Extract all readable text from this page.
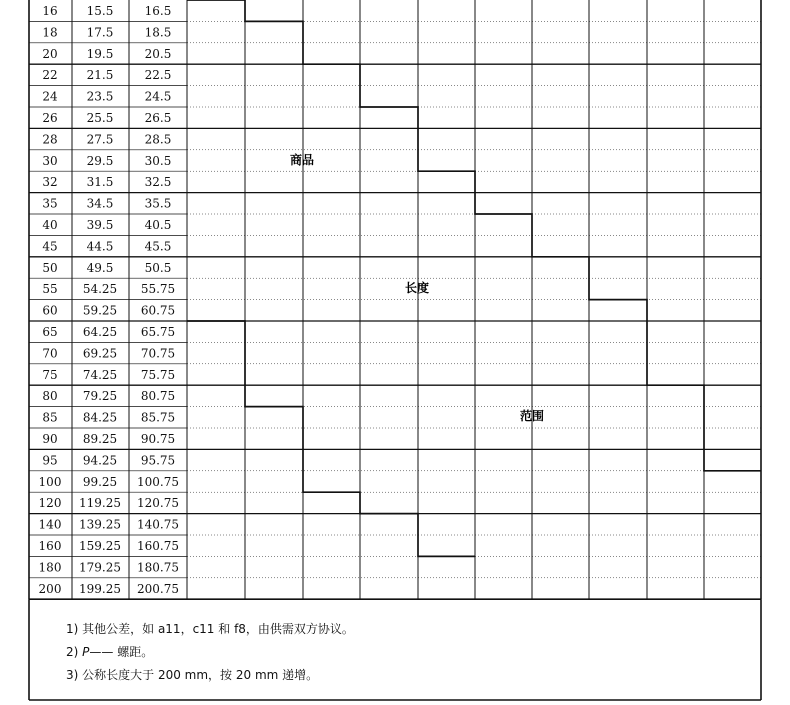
16 15.5	16.5
18 17.5	18.5
20 19.5	20.5
22 21.5	22.5
24 23.5	24.5
26 25.5	26.5
28 27.5	28.5
30 29.5	30.5
32 31.5	32.5
35 34.5	35.5
40 39.5	40.5
45 44.5	45.5
50 49.5	50.5
55 54.25 55.75
60 59.25 60.75
65 64.25 65.75
70 69.25 70.75
75 74.25 75.75
80 79.25 80.75
85 84.25 85.75
90 89.25 90.75
95 94.25 95.75
100 99.25 100.75
120 119.25 120.75
140 139.25 140.75
160 159.25 160.75
180 179.25 180.75
200 199.25 200.75
商品
长度
范围
1) 其他公差，如 a11，c11 和 f8，由供需双方协议。
2) P—— 螺距。
3) 公称长度大于 200 mm，按 20 mm 递增。
